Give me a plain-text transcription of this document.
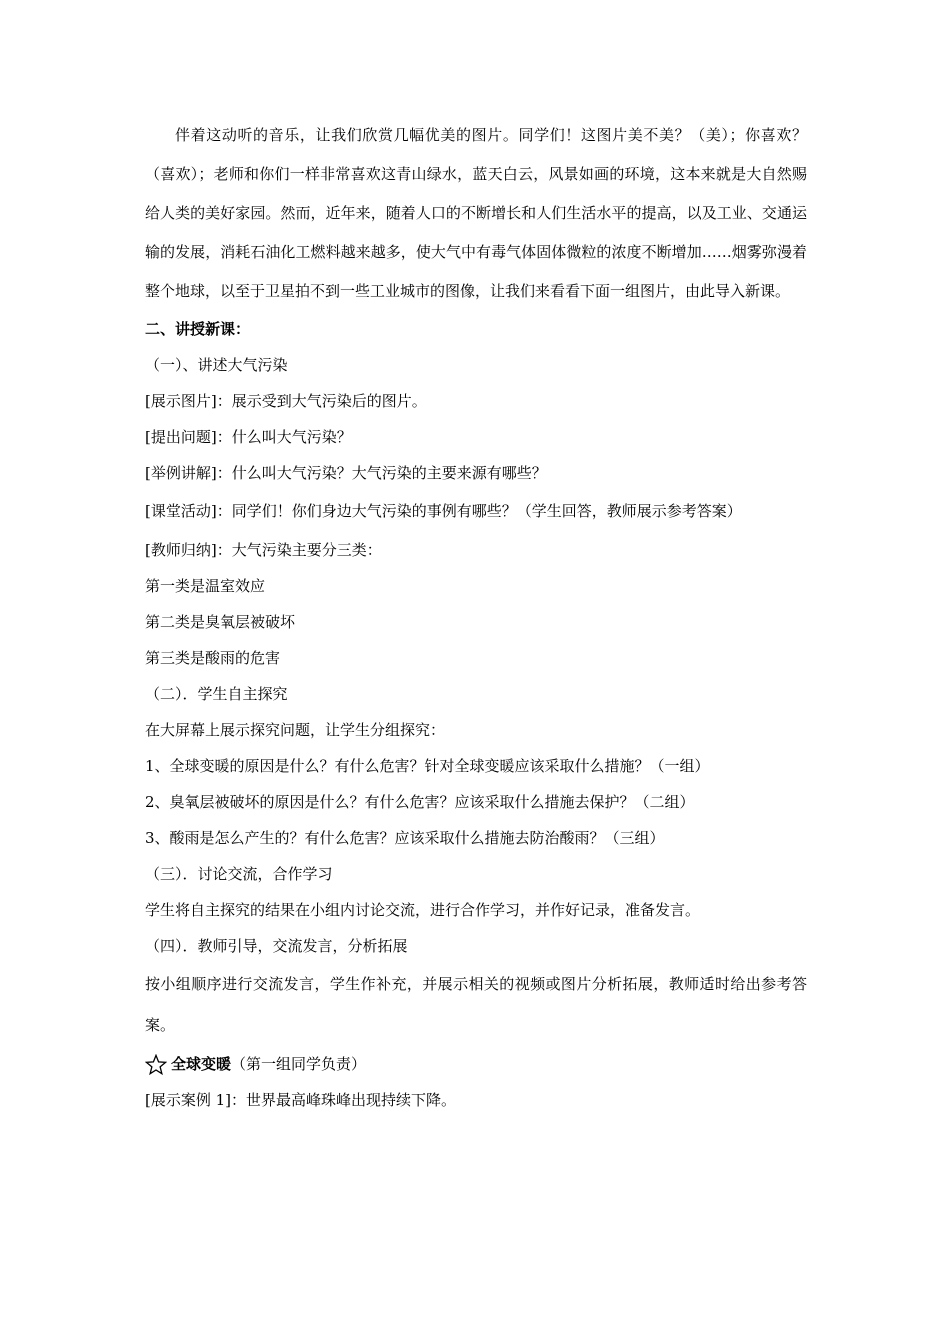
伴着这动听的音乐，让我们欣赏几幅优美的图片。同学们！这图片美不美？（美）；你喜欢？（喜欢）；老师和你们一样非常喜欢这青山绿水，蓝天白云，风景如画的环境，这本来就是大自然赐给人类的美好家园。然而，近年来，随着人口的不断增长和人们生活水平的提高，以及工业、交通运输的发展，消耗石油化工燃料越来越多，使大气中有毒气体固体微粒的浓度不断增加……烟雾弥漫着整个地球，以至于卫星拍不到一些工业城市的图像，让我们来看看下面一组图片，由此导入新课。

二、讲授新课：

（一）、讲述大气污染

[展示图片]：展示受到大气污染后的图片。

[提出问题]：什么叫大气污染？

[举例讲解]：什么叫大气污染？大气污染的主要来源有哪些？

[课堂活动]：同学们！你们身边大气污染的事例有哪些？（学生回答，教师展示参考答案）

[教师归纳]：大气污染主要分三类：

第一类是温室效应

第二类是臭氧层被破坏

第三类是酸雨的危害

（二）．学生自主探究

在大屏幕上展示探究问题，让学生分组探究：

1、全球变暖的原因是什么？有什么危害？针对全球变暖应该采取什么措施？（一组）

2、臭氧层被破坏的原因是什么？有什么危害？应该采取什么措施去保护？（二组）

3、酸雨是怎么产生的？有什么危害？应该采取什么措施去防治酸雨？（三组）

（三）．讨论交流，合作学习

学生将自主探究的结果在小组内讨论交流，进行合作学习，并作好记录，准备发言。

（四）．教师引导，交流发言，分析拓展

按小组顺序进行交流发言，学生作补充，并展示相关的视频或图片分析拓展，教师适时给出参考答案。

全球变暖 （第一组同学负责）

[展示案例 1]：世界最高峰珠峰出现持续下降。
